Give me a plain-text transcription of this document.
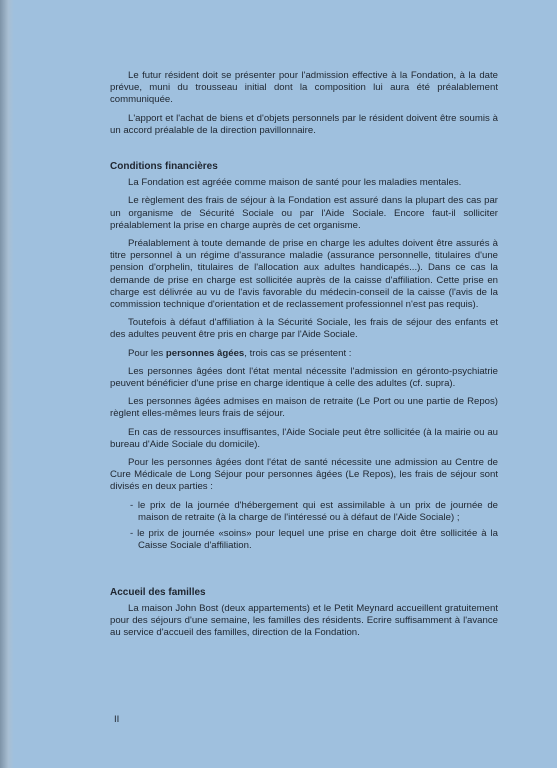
Le futur résident doit se présenter pour l'admission effective à la Fondation, à la date prévue, muni du trousseau initial dont la composition lui aura été préalablement communiquée.

L'apport et l'achat de biens et d'objets personnels par le résident doivent être soumis à un accord préalable de la direction pavillonnaire.

Conditions financières

La Fondation est agréée comme maison de santé pour les maladies mentales.

Le règlement des frais de séjour à la Fondation est assuré dans la plupart des cas par un organisme de Sécurité Sociale ou par l'Aide Sociale. Encore faut-il solliciter préalablement la prise en charge auprès de cet organisme.

Préalablement à toute demande de prise en charge les adultes doivent être assurés à titre personnel à un régime d'assurance maladie (assurance personnelle, titulaires d'une pension d'orphelin, titulaires de l'allocation aux adultes handicapés...). Dans ce cas la demande de prise en charge est sollicitée auprès de la caisse d'affiliation. Cette prise en charge est délivrée au vu de l'avis favorable du médecin-conseil de la caisse (l'avis de la commission technique d'orientation et de reclassement professionnel n'est pas requis).

Toutefois à défaut d'affiliation à la Sécurité Sociale, les frais de séjour des enfants et des adultes peuvent être pris en charge par l'Aide Sociale.

Pour les personnes âgées, trois cas se présentent :

Les personnes âgées dont l'état mental nécessite l'admission en géronto-psychiatrie peuvent bénéficier d'une prise en charge identique à celle des adultes (cf. supra).

Les personnes âgées admises en maison de retraite (Le Port ou une partie de Repos) règlent elles-mêmes leurs frais de séjour.

En cas de ressources insuffisantes, l'Aide Sociale peut être sollicitée (à la mairie ou au bureau d'Aide Sociale du domicile).

Pour les personnes âgées dont l'état de santé nécessite une admission au Centre de Cure Médicale de Long Séjour pour personnes âgées (Le Repos), les frais de séjour sont divisés en deux parties :

- le prix de la journée d'hébergement qui est assimilable à un prix de journée de maison de retraite (à la charge de l'intéressé ou à défaut de l'Aide Sociale) ;
- le prix de journée «soins» pour lequel une prise en charge doit être sollicitée à la Caisse Sociale d'affiliation.
Accueil des familles

La maison John Bost (deux appartements) et le Petit Meynard accueillent gratuitement pour des séjours d'une semaine, les familles des résidents. Ecrire suffisamment à l'avance au service d'accueil des familles, direction de la Fondation.

II
